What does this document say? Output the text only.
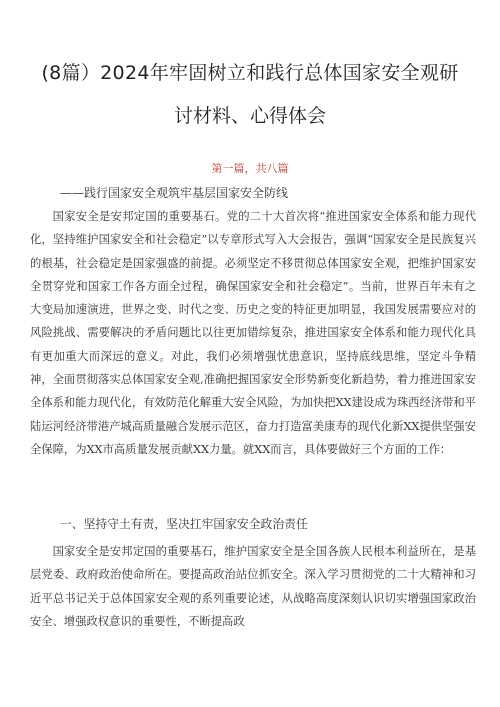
(8篇）2024年牢固树立和践行总体国家安全观研
讨材料、心得体会
第一篇，共八篇
——践行国家安全观筑牢基层国家安全防线

国家安全是安邦定国的重要基石。党的二十大首次将“推进国家安全体系和能力现代化，坚持维护国家安全和社会稳定”以专章形式写入大会报告，强调“国家安全是民族复兴的根基，社会稳定是国家强盛的前提。必须坚定不移贯彻总体国家安全观，把维护国家安全贯穿党和国家工作各方面全过程，确保国家安全和社会稳定”。当前，世界百年未有之大变局加速演进，世界之变、时代之变、历史之变的特征更加明显，我国发展需要应对的风险挑战、需要解决的矛盾问题比以往更加错综复杂，推进国家安全体系和能力现代化具有更加重大而深远的意义。对此，我们必须增强忧患意识，坚持底线思维，坚定斗争精神，全面贯彻落实总体国家安全观,准确把握国家安全形势新变化新趋势，着力推进国家安全体系和能力现代化，有效防范化解重大安全风险，为加快把XX建设成为珠西经济带和平陆运河经济带港产城高质量融合发展示范区，奋力打造富美康寿的现代化新XX提供坚强安全保障，为XX市高质量发展贡献XX力量。就XX而言，具体要做好三个方面的工作：

一、坚持守土有责，坚决扛牢国家安全政治责任

国家安全是安邦定国的重要基石，维护国家安全是全国各族人民根本利益所在，是基层党委、政府政治使命所在。要提高政治站位抓安全。深入学习贯彻党的二十大精神和习近平总书记关于总体国家安全观的系列重要论述，从战略高度深刻认识切实增强国家政治安全、增强政权意识的重要性，不断提高政
